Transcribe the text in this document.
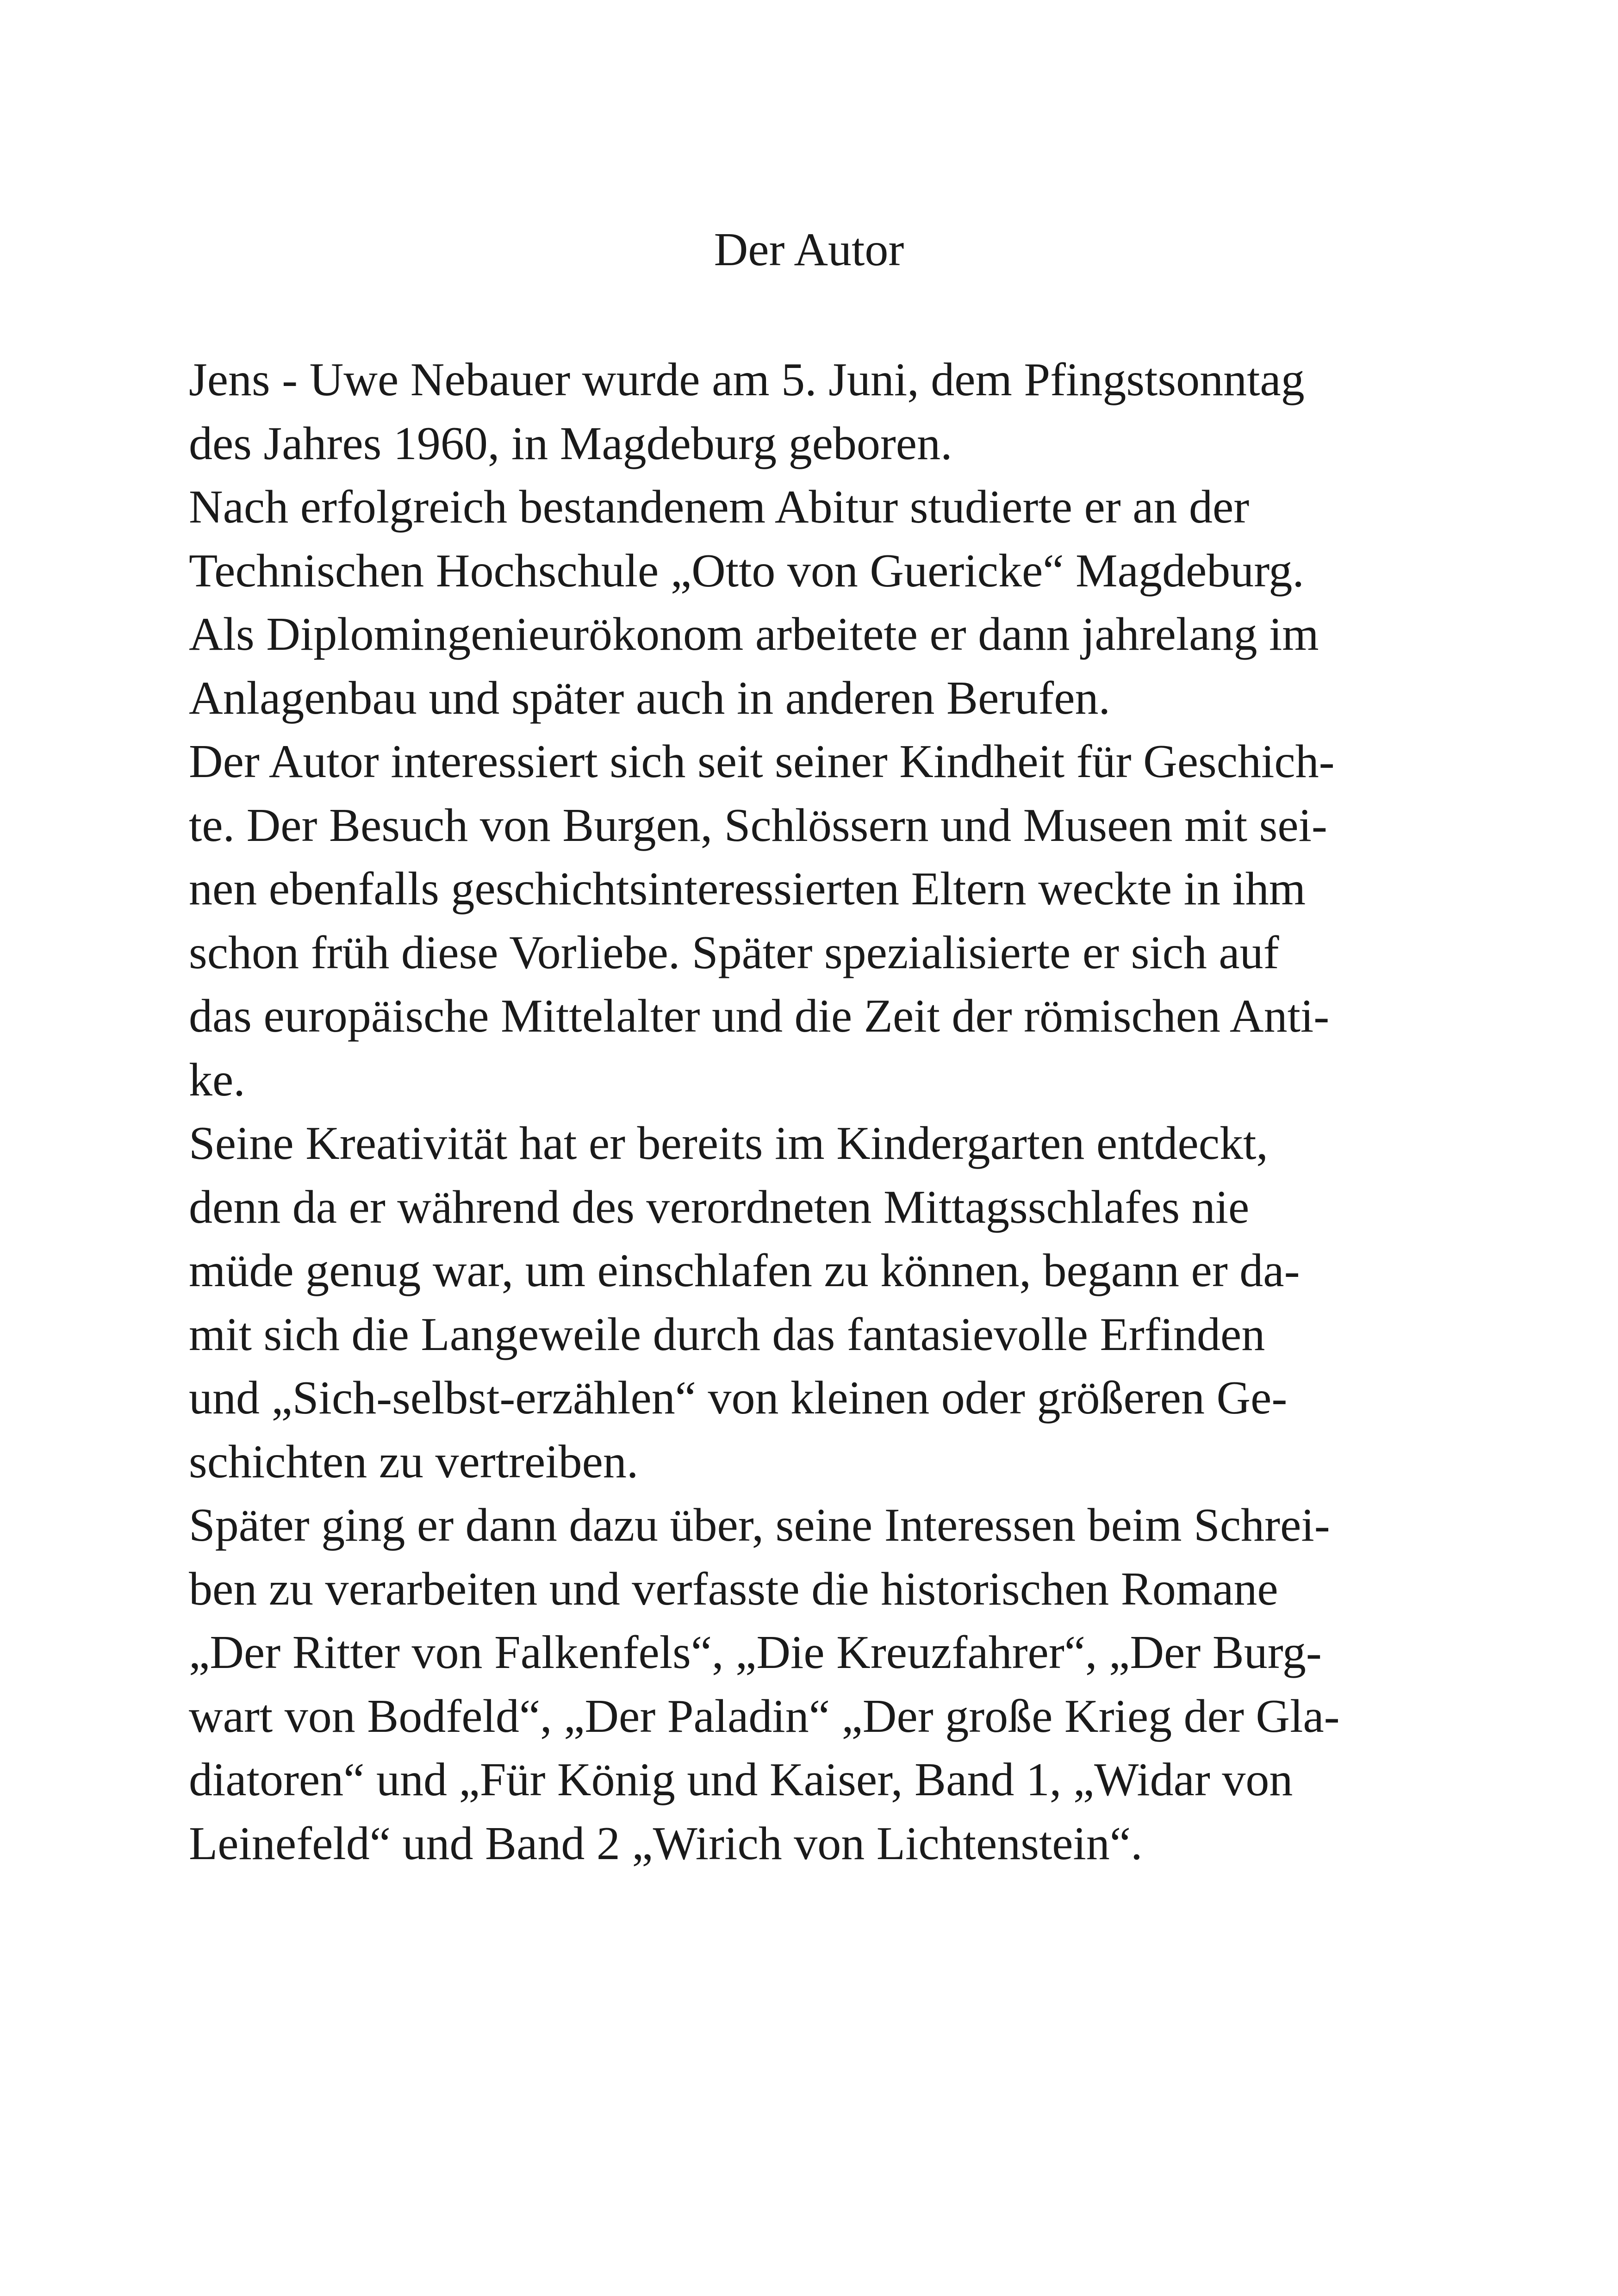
Der Autor
Jens - Uwe Nebauer wurde am 5. Juni, dem Pfingstsonntag
des Jahres 1960, in Magdeburg geboren.
Nach erfolgreich bestandenem Abitur studierte er an der
Technischen Hochschule „Otto von Guericke“ Magdeburg.
Als Diplomingenieurökonom arbeitete er dann jahrelang im
Anlagenbau und später auch in anderen Berufen.
Der Autor interessiert sich seit seiner Kindheit für Geschich-
te. Der Besuch von Burgen, Schlössern und Museen mit sei-
nen ebenfalls geschichtsinteressierten Eltern weckte in ihm
schon früh diese Vorliebe. Später spezialisierte er sich auf
das europäische Mittelalter und die Zeit der römischen Anti-
ke.
Seine Kreativität hat er bereits im Kindergarten entdeckt,
denn da er während des verordneten Mittagsschlafes nie
müde genug war, um einschlafen zu können, begann er da-
mit sich die Langeweile durch das fantasievolle Erfinden
und „Sich-selbst-erzählen“ von kleinen oder größeren Ge-
schichten zu vertreiben.
Später ging er dann dazu über, seine Interessen beim Schrei-
ben zu verarbeiten und verfasste die historischen Romane
„Der Ritter von Falkenfels“, „Die Kreuzfahrer“, „Der Burg-
wart von Bodfeld“, „Der Paladin“ „Der große Krieg der Gla-
diatoren“ und „Für König und Kaiser, Band 1, „Widar von
Leinefeld“ und Band 2 „Wirich von Lichtenstein“.
